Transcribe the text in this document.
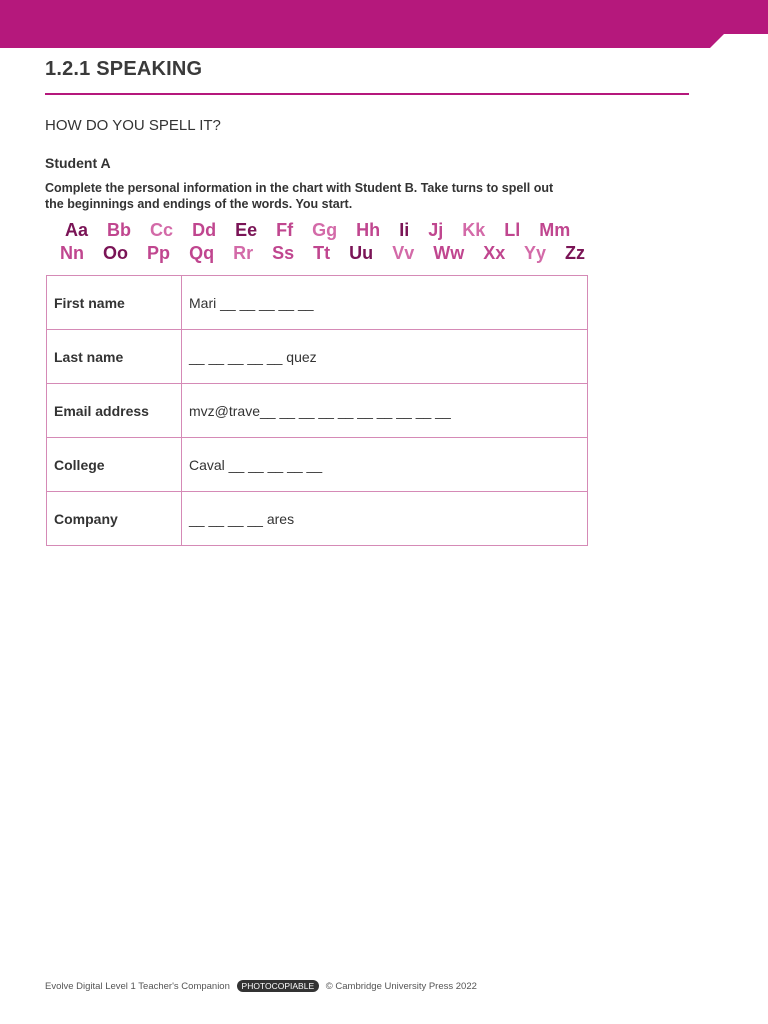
1.2.1 SPEAKING
HOW DO YOU SPELL IT?
Student A
Complete the personal information in the chart with Student B. Take turns to spell out
the beginnings and endings of the words. You start.
Aa Bb Cc Dd Ee Ff Gg Hh Ii Jj Kk Ll Mm
Nn Oo Pp Qq Rr Ss Tt Uu Vv Ww Xx Yy Zz
First name	Mari __ __ __ __ __
Last name	__ __ __ __ __ quez
Email address	mvz@trave__ __ __ __ __ __ __ __ __ __
College	Caval __ __ __ __ __
Company	__ __ __ __ ares
Evolve Digital Level 1 Teacher's Companion PHOTOCOPIABLE © Cambridge University Press 2022
